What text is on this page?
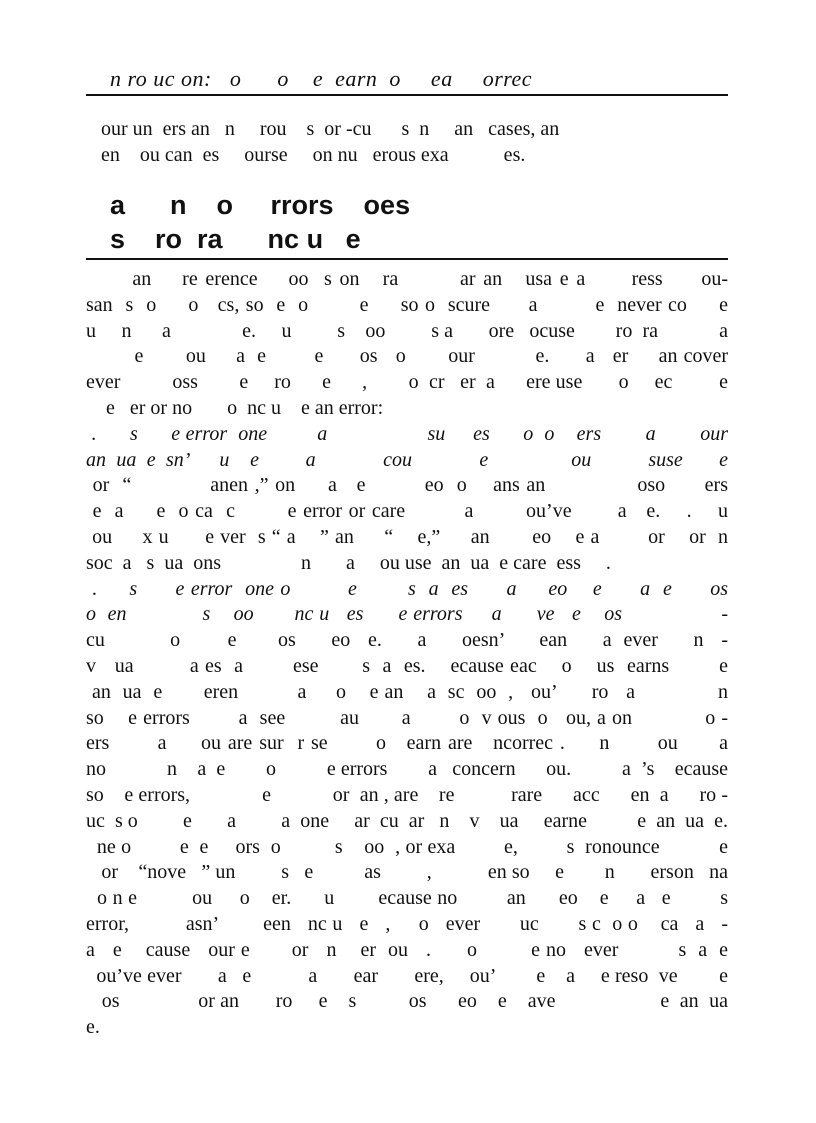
n ro uc on:   o      o    e  earn  o     ea     orrec
our un  ers an   n     rou    s  or -cu      s  n     an   cases, an
en    ou can  es     ourse     on nu   erous exa           es.
a      n    o     rrors    oes
s    ro  ra      nc u   e
an    re erence    oo  s on   ra        ar an   usa e a      ress     ou-
san  s  o     o   cs, so  e  o        e     so o  scure      a         e  never co     e
u     n      a              e.     u         s    oo         s a       ore   ocuse        ro  ra            a
e       ou     a  e        e      os   o       our          e.      a   er     an cover
ever          oss        e     ro      e      ,        o  cr   er  a      ere use       o     ec         e
e   er or no       o  nc u    e an error:
.      s      e error  one         a                  su     es      o  o    ers        a        our
an  ua  e  sn’      u    e         a             cou             e                ou           suse       e
or  “            anen ,” on     a   e         eo  o    ans an              oso      ers
e  a     e  o ca  c        e error or care         a        ou’ve       a   e.    .    u
ou     x u      e ver  s “ a    ” an     “    e,”     an       eo    e a        or    or  n
soc  a   s  ua  ons                n       a     ou use  an  ua  e care  ess     .
.     s      e error  one o         e        s  a  es      a     eo    e      a  e      os
o  en             s    oo       nc u   es      e errors     a      ve   e    os                 -
cu           o        e       os      eo   e.      a      oesn’      ean      a  ever      n   -
v   ua         a es  a        ese       s  a  es.    ecause eac    o    us  earns        e
an  ua  e       eren          a     o    e an    a  sc  oo  ,   ou’      ro   a              n
so    e errors        a  see         au       a        o  v ous  o   ou, a on            o -
ers       a     ou are sur  r se       o   earn are   ncorrec .     n       ou      a
no            n    a  e        o          e errors        a   concern      ou.          a  ’s    ecause
so    e errors,              e            or  an , are    re           rare      acc      en  a      ro -
uc  s o         e       a         a  one     ar  cu  ar   n    v    ua     earne          e  an  ua  e.
ne o         e  e     ors  o          s    oo  , or exa         e,         s  ronounce           e
or    “nove   ” un         s   e          as         ,           en so     e        n       erson   na
o n e          ou     o    er.      u        ecause no         an      eo    e     a   e         s
error,          asn’        een   nc u   e   ,     o   ever       uc       s c  o o    ca   a   -
a   e    cause   our e       or   n    er  ou   .      o         e no   ever          s  a  e
ou’ve ever       a   e           a       ear       ere,     ou’        e    a     e reso  ve        e
os               or an       ro     e    s          os      eo    e    ave                    e  an  ua  e.
